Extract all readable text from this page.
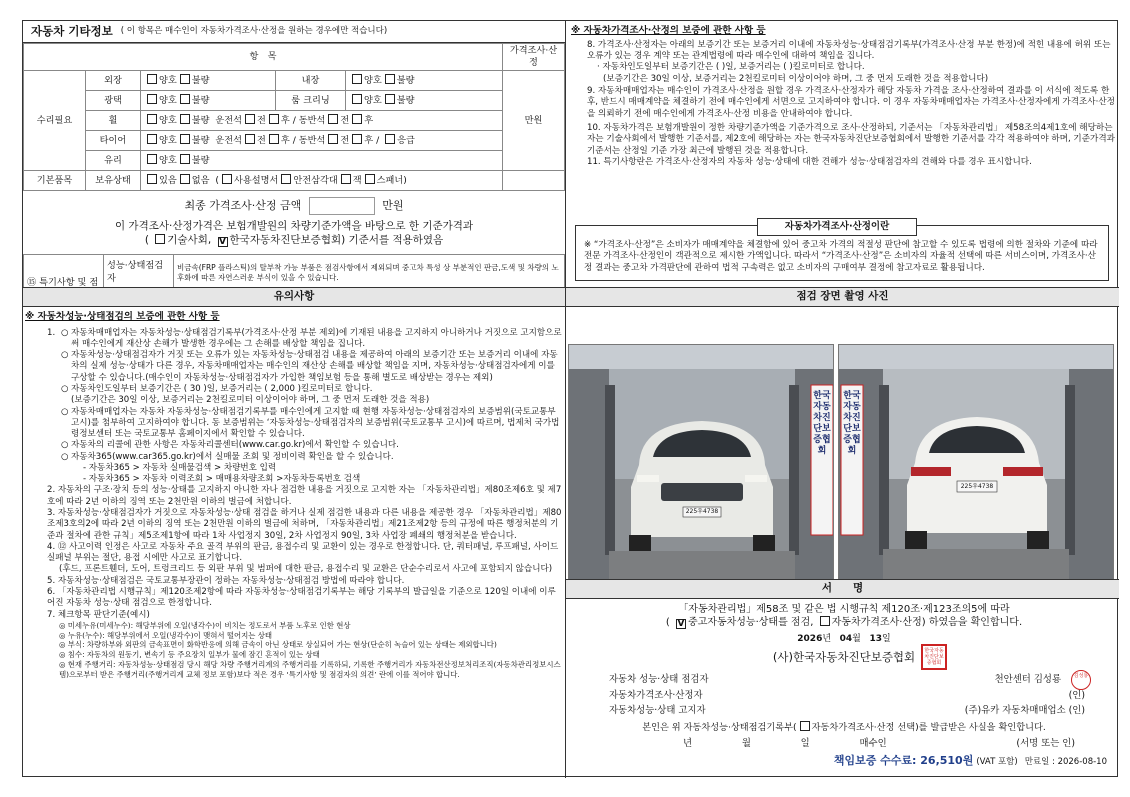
자동차 기타정보 ( 이 항목은 매수인이 자동차가격조사·산정을 원하는 경우에만 적습니다)
항　목					가격조사·산정
수리필요	외장	양호 불량	내장	양호 불량	만원
	광택	양호 불량	룸 크리닝	양호 불량	
	휠	양호 불량 운전석 전 후 / 동반석 전 후			
	타이어	양호 불량 운전석 전 후 / 동반석 전 후 / 응급			
	유리	양호 불량			
기본품목	보유상태	있음 없음  ( 사용설명서 안전삼각대 잭 스패너)			
최종 가격조사·산정 금액	만원
이 가격조사·산정가격은 보험개발원의 차량기준가액을 바탕으로 한 기준가격과
( 기술사회, V 한국자동차진단보증협회) 기준서를 적용하였음
⑮ 특기사항 및 점	성능·상태점검자	비금속(FRP 플라스틱)의 탈부착 가능 부품은 점검사항에서 제외되며 중고차 특성 상 부분적인 판금,도색 및 차량의 노후화에 따른 자연스러운 부식이 있을 수 있습니다.

※ 자동차가격조사·산정의 보증에 관한 사항 등
8. 가격조사·산정자는 아래의 보증기간 또는 보증거리 이내에 자동차성능·상태점검기록부(가격조사·산정 부분 한정)에 적힌 내용에 허위 또는 오류가 있는 경우 계약 또는 관계법령에 따라 매수인에 대하여 책임을 집니다.
· 자동차인도일부터 보증기간은 ( )일, 보증거리는 ( )킬로미터로 합니다.
(보증기간은 30일 이상, 보증거리는 2천킬로미터 이상이어야 하며, 그 중 먼저 도래한 것을 적용합니다)
9. 자동차매매업자는 매수인이 가격조사·산정을 원할 경우 가격조사·산정자가 해당 자동차 가격을 조사·산정하여 결과를 이 서식에 적도록 한 후, 반드시 매매계약을 체결하기 전에 매수인에게 서면으로 고지하여야 합니다. 이 경우 자동차매매업자는 가격조사·산정자에게 가격조사·산정을 의뢰하기 전에 매수인에게 가격조사·산정 비용을 안내하여야 합니다.
10. 자동차가격은 보험개발원이 정한 차량기준가액을 기준가격으로 조사·산정하되, 기준서는 「자동차관리법」 제58조의4제1호에 해당하는 자는 기술사회에서 발행한 기준서를, 제2호에 해당하는 자는 한국자동차진단보증협회에서 발행한 기준서를 각각 적용하여야 하며, 기준가격과 기준서는 산정일 기준 가장 최근에 발행된 것을 적용합니다.
11. 특기사항란은 가격조사·산정자의 자동차 성능·상태에 대한 견해가 성능·상태점검자의 견해와 다를 경우 표시합니다.
※ “가격조사·산정”은 소비자가 매매계약을 체결함에 있어 중고차 가격의 적절성 판단에 참고할 수 있도록 법령에 의한 절차와 기준에 따라 전문 가격조사·산정인이 객관적으로 제시한 가액입니다. 따라서 “가격조사·산정”은 소비자의 자율적 선택에 따른 서비스이며, 가격조사·산정 결과는 중고차 가격판단에 관하여 법적 구속력은 없고 소비자의 구매여부 결정에 참고자료로 활용됩니다.
자동차가격조사·산정이란
유의사항
※ 자동차성능·상태점검의 보증에 관한 사항 등
1. ○ 자동차매매업자는 자동차성능·상태점검기록부(가격조사·산정 부분 제외)에 기재된 내용을 고지하지 아니하거나 거짓으로 고지함으로써 매수인에게 재산상 손해가 발생한 경우에는 그 손해를 배상할 책임을 집니다.
○ 자동차성능·상태점검자가 거짓 또는 오류가 있는 자동차성능·상태점검 내용을 제공하여 아래의 보증기간 또는 보증거리 이내에 자동차의 실제 성능·상태가 다른 경우, 자동차매매업자는 매수인의 재산상 손해를 배상할 책임을 지며, 자동차성능·상태점검자에게 이를 구상할 수 있습니다.(매수인이 자동차성능·상태점검자가 가입한 책임보험 등을 통해 별도로 배상받는 경우는 제외)
○ 자동차인도일부터 보증기간은 ( 30 )일, 보증거리는 ( 2,000 )킬로미터로 합니다.
(보증기간은 30일 이상, 보증거리는 2천킬로미터 이상이어야 하며, 그 중 먼저 도래한 것을 적용)
○ 자동차매매업자는 자동차 자동차성능·상태점검기록부를 매수인에게 고지할 때 현행 자동차성능·상태점검자의 보증범위(국토교통부 고시)를 첨부하여 고지하여야 합니다. 동 보증범위는 ‘자동차성능·상태점검자의 보증범위(국토교통부 고시)에 따르며, 법제처 국가법령정보센터 또는 국토교통부 홈페이지에서 확인할 수 있습니다.
○ 자동차의 리콜에 관한 사항은 자동차리콜센터(www.car.go.kr)에서 확인할 수 있습니다.
○ 자동차365(www.car365.go.kr)에서 실매물 조회 및 정비이력 확인을 할 수 있습니다.
- 자동차365 > 자동차 실매물검색 > 차량번호 입력
- 자동차365 > 자동차 이력조회 > 매매용차량조회 >자동차등록번호 검색
2. 자동차의 구조·장치 등의 성능·상태를 고지하지 아니한 자나 점검한 내용을 거짓으로 고지한 자는 「자동차관리법」제80조제6호 및 제7호에 따라 2년 이하의 징역 또는 2천만원 이하의 벌금에 처합니다.
3. 자동차성능·상태점검자가 거짓으로 자동차성능·상태 점검을 하거나 실제 점검한 내용과 다른 내용을 제공한 경우 「자동차관리법」제80조제3호의2에 따라 2년 이하의 징역 또는 2천만원 이하의 벌금에 처하며, 「자동차관리법」제21조제2항 등의 규정에 따른 행정처분의 기준과 절차에 관한 규칙」제5조제1항에 따라 1차 사업정지 30일, 2차 사업정지 90일, 3차 사업장 폐쇄의 행정처분을 받습니다.
4. ⑫ 사고이력 인정은 사고로 자동차 주요 골격 부위의 판금, 용접수리 및 교환이 있는 경우로 한정합니다. 단, 쿼터패널, 루프패널, 사이드실패널 부위는 절단, 용접 시에만 사고로 표기합니다.
(후드, 프론트휀더, 도어, 트렁크리드 등 외판 부위 및 범퍼에 대한 판금, 용접수리 및 교환은 단순수리로서 사고에 포함되지 않습니다)
5. 자동차성능·상태점검은 국토교통부장관이 정하는 자동차성능·상태점검 방법에 따라야 합니다.
6. 「자동차관리법 시행규칙」제120조제2항에 따라 자동차성능·상태점검기록부는 해당 기록부의 발급일을 기준으로 120일 이내에 이루어진 자동차 성능·상태 점검으로 한정합니다.
7. 체크항목 판단기준(예시)
◎ 미세누유(미세누수): 해당부위에 오일(냉각수)이 비치는 정도로서 부품 노후로 인한 현상
◎ 누유(누수): 해당부위에서 오일(냉각수)이 맺혀서 떨어지는 상태
◎ 부식: 차량하부와 외판의 금속표면이 화학반응에 의해 금속이 아닌 상태로 상실되어 가는 현상(단순히 녹슬어 있는 상태는 제외합니다)
◎ 침수: 자동차의 원동기, 변속기 등 주요장치 일부가 물에 잠긴 흔적이 있는 상태
◎ 현재 주행거리: 자동차성능·상태점검 당시 해당 차량 주행거리계의 주행거리를 기록하되, 기록한 주행거리가 자동차전산정보처리조직(자동차관리정보시스템)으로부터 받은 주행거리(주행거리계 교체 정보 포함)보다 적은 경우 ‘특기사항 및 점검자의 의견’ 란에 이를 적어야 합니다.
점검 장면 촬영 사진
225우4738
한국자동차진단보증협회
225우4738
한국자동차진단보증협회
서　　명
「자동차관리법」제58조 및 같은 법 시행규칙 제120조·제123조의5에 따라
( V 중고자동차성능·상태를 점검, 자동차가격조사·산정) 하였음을 확인합니다.
2026년 04월 13일
(사)한국자동차진단보증협회	한국자동차진단보증협회
자동차 성능·상태 점검자	천안센터 김성룡	김성룡
자동차가격조사·산정자	(인)
자동차성능·상태 고지자	(주)유카 자동차매매업소 (인)
본인은 위 자동차성능·상태점검기록부( 자동차가격조사·산정 선택)를 발급받은 사실을 확인합니다.
년	월	일	매수인	(서명 또는 인)
책임보증 수수료: 26,510원 (VAT 포함) 만료일 : 2026-08-10
